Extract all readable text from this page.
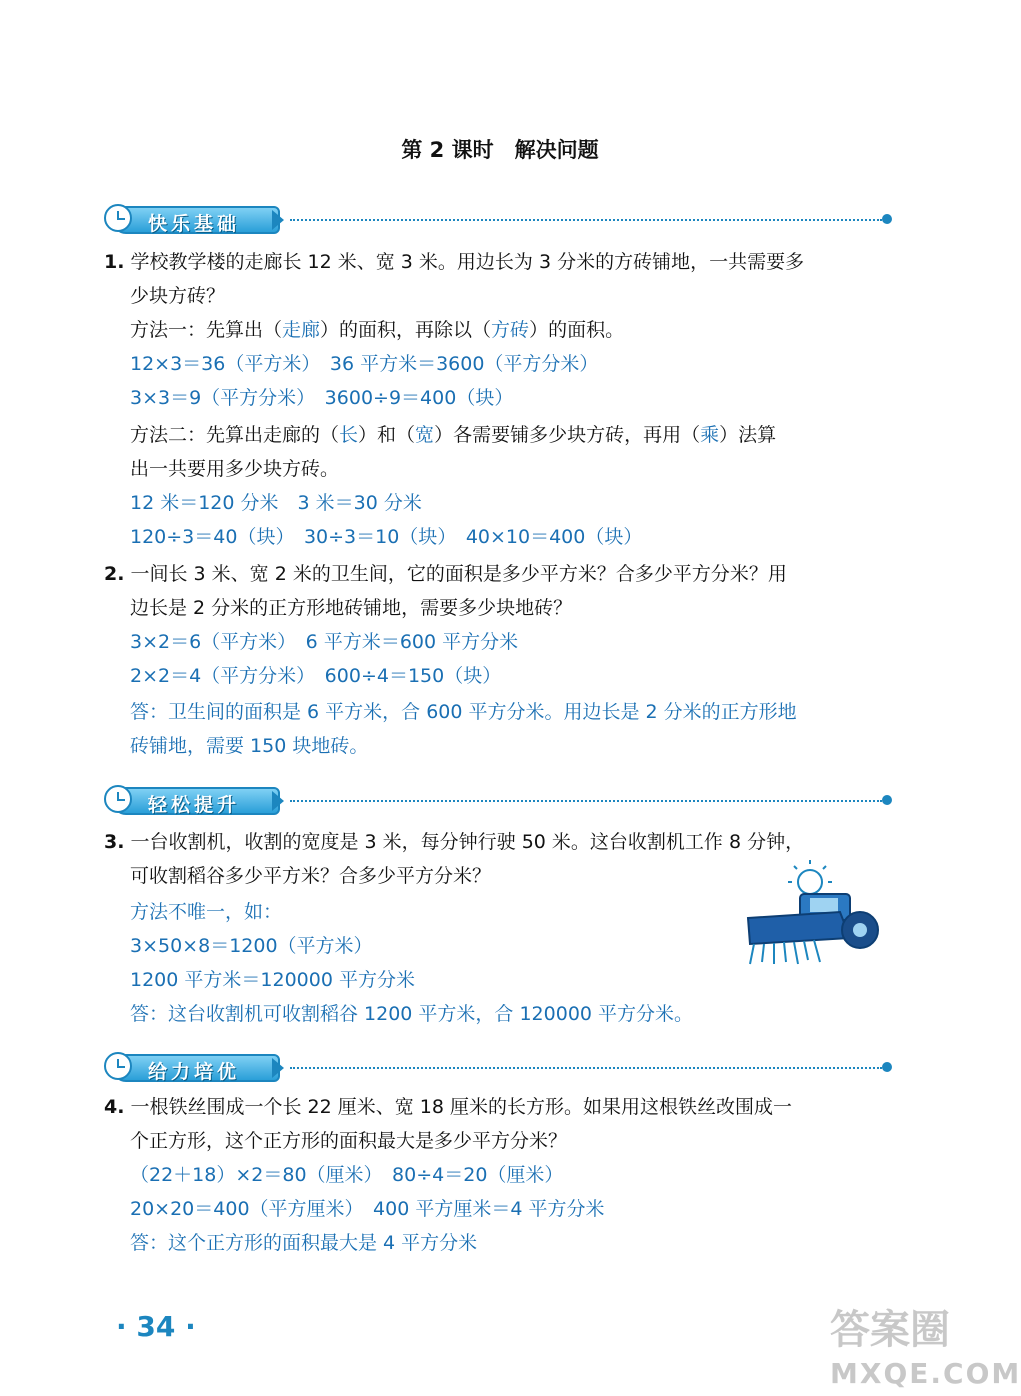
第 2 课时　解决问题
快乐基础
1. 学校教学楼的走廊长 12 米、宽 3 米。用边长为 3 分米的方砖铺地，一共需要多
少块方砖？
方法一：先算出（走廊）的面积，再除以（方砖）的面积。
12×3＝36（平方米）　36 平方米＝3600（平方分米）
3×3＝9（平方分米）　3600÷9＝400（块）
方法二：先算出走廊的（长）和（宽）各需要铺多少块方砖，再用（乘）法算
出一共要用多少块方砖。
12 米＝120 分米　3 米＝30 分米
120÷3＝40（块）　30÷3＝10（块）　40×10＝400（块）
2. 一间长 3 米、宽 2 米的卫生间，它的面积是多少平方米？合多少平方分米？用
边长是 2 分米的正方形地砖铺地，需要多少块地砖？
3×2＝6（平方米）　6 平方米＝600 平方分米
2×2＝4（平方分米）　600÷4＝150（块）
答：卫生间的面积是 6 平方米，合 600 平方分米。用边长是 2 分米的正方形地
砖铺地，需要 150 块地砖。
轻松提升
3. 一台收割机，收割的宽度是 3 米，每分钟行驶 50 米。这台收割机工作 8 分钟，
可收割稻谷多少平方米？合多少平方分米？
方法不唯一，如：
3×50×8＝1200（平方米）
1200 平方米＝120000 平方分米
答：这台收割机可收割稻谷 1200 平方米，合 120000 平方分米。
给力培优
4. 一根铁丝围成一个长 22 厘米、宽 18 厘米的长方形。如果用这根铁丝改围成一
个正方形，这个正方形的面积最大是多少平方分米？
（22＋18）×2＝80（厘米）　80÷4＝20（厘米）
20×20＝400（平方厘米）　400 平方厘米＝4 平方分米
答：这个正方形的面积最大是 4 平方分米
· 34 ·	答案圈
MXQE.COM
